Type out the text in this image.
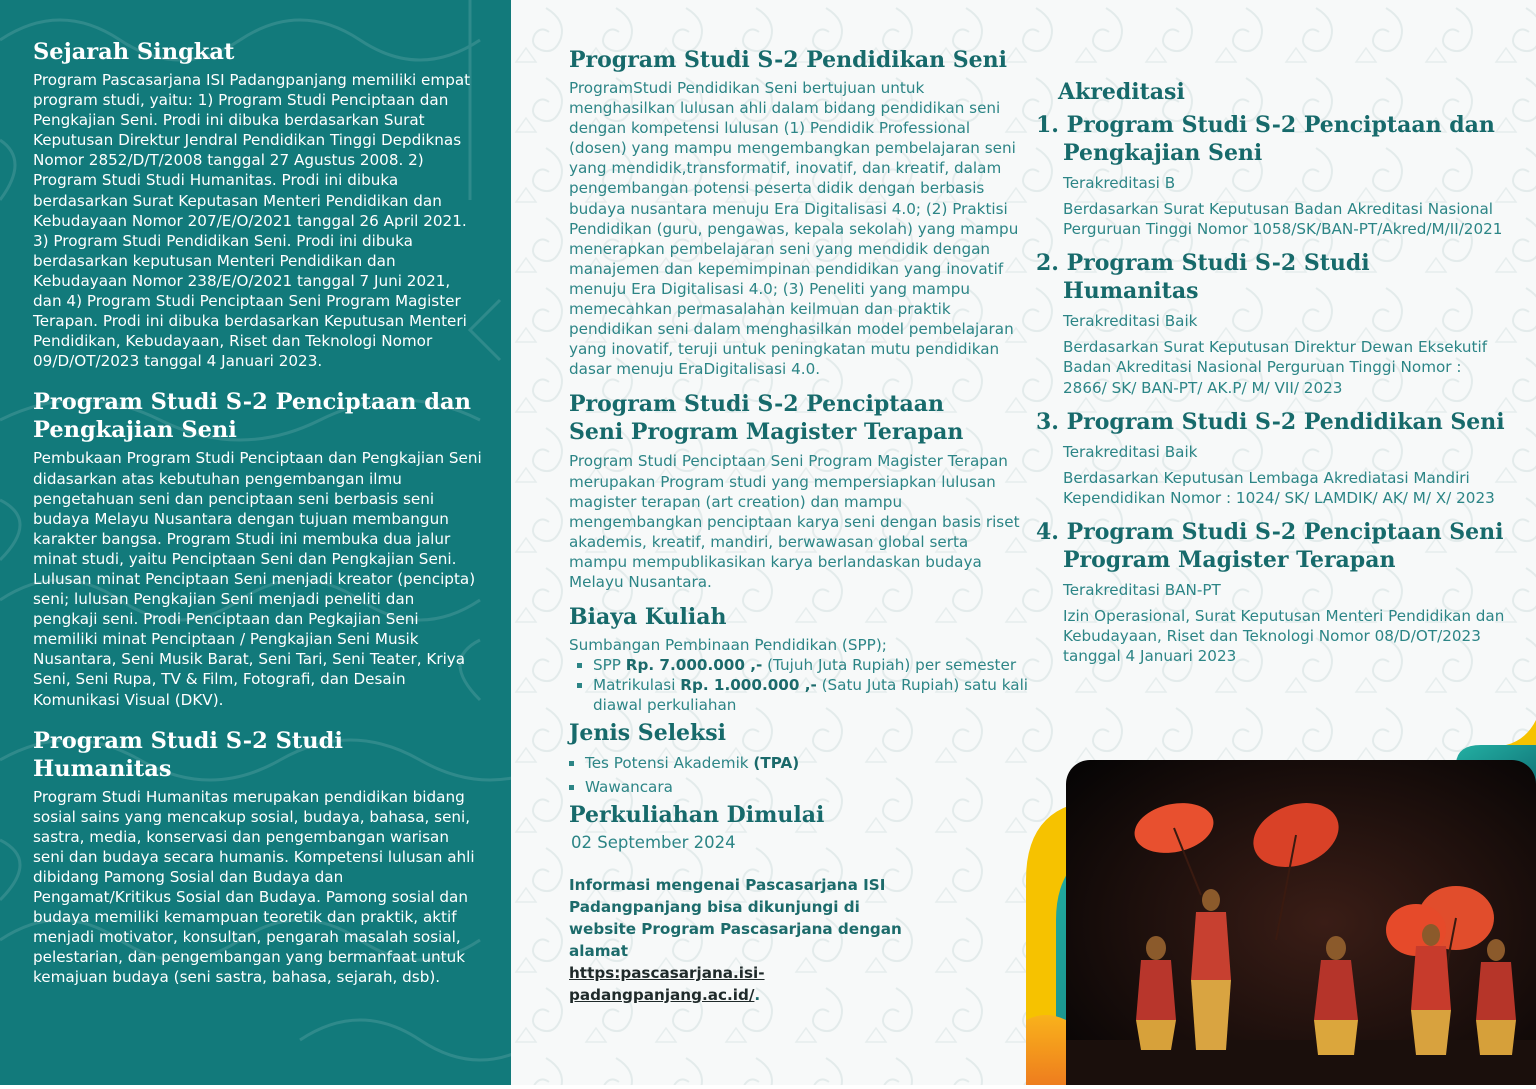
Sejarah Singkat

Program Pascasarjana ISI Padangpanjang memiliki empat program studi, yaitu: 1) Program Studi Penciptaan dan Pengkajian Seni. Prodi ini dibuka berdasarkan Surat Keputusan Direktur Jendral Pendidikan Tinggi Depdiknas Nomor 2852/D/T/2008 tanggal 27 Agustus 2008. 2) Program Studi Studi Humanitas. Prodi ini dibuka berdasarkan Surat Keputasan Menteri Pendidikan dan Kebudayaan Nomor 207/E/O/2021 tanggal 26 April 2021. 3) Program Studi Pendidikan Seni. Prodi ini dibuka berdasarkan keputusan Menteri Pendidikan dan Kebudayaan Nomor 238/E/O/2021 tanggal 7 Juni 2021, dan 4) Program Studi Penciptaan Seni Program Magister Terapan. Prodi ini dibuka berdasarkan Keputusan Menteri Pendidikan, Kebudayaan, Riset dan Teknologi Nomor 09/D/OT/2023 tanggal 4 Januari 2023.

Program Studi S-2 Penciptaan dan Pengkajian Seni

Pembukaan Program Studi Penciptaan dan Pengkajian Seni didasarkan atas kebutuhan pengembangan ilmu pengetahuan seni dan penciptaan seni berbasis seni budaya Melayu Nusantara dengan tujuan membangun karakter bangsa. Program Studi ini membuka dua jalur minat studi, yaitu Penciptaan Seni dan Pengkajian Seni. Lulusan minat Penciptaan Seni menjadi kreator (pencipta) seni; lulusan Pengkajian Seni menjadi peneliti dan pengkaji seni. Prodi Penciptaan dan Pegkajian Seni memiliki minat Penciptaan / Pengkajian Seni Musik Nusantara, Seni Musik Barat, Seni Tari, Seni Teater, Kriya Seni, Seni Rupa, TV & Film, Fotografi, dan Desain Komunikasi Visual (DKV).

Program Studi S-2 Studi Humanitas

Program Studi Humanitas merupakan pendidikan bidang sosial sains yang mencakup sosial, budaya, bahasa, seni, sastra, media, konservasi dan pengembangan warisan seni dan budaya secara humanis. Kompetensi lulusan ahli dibidang Pamong Sosial dan Budaya dan Pengamat/Kritikus Sosial dan Budaya. Pamong sosial dan budaya memiliki kemampuan teoretik dan praktik, aktif menjadi motivator, konsultan, pengarah masalah sosial, pelestarian, dan pengembangan yang bermanfaat untuk kemajuan budaya (seni sastra, bahasa, sejarah, dsb).

Program Studi S-2 Pendidikan Seni

ProgramStudi Pendidikan Seni bertujuan untuk menghasilkan lulusan ahli dalam bidang pendidikan seni dengan kompetensi lulusan (1) Pendidik Professional (dosen) yang mampu mengembangkan pembelajaran seni yang mendidik,transformatif, inovatif, dan kreatif, dalam pengembangan potensi peserta didik dengan berbasis budaya nusantara menuju Era Digitalisasi 4.0; (2) Praktisi Pendidikan (guru, pengawas, kepala sekolah) yang mampu menerapkan pembelajaran seni yang mendidik dengan manajemen dan kepemimpinan pendidikan yang inovatif menuju Era Digitalisasi 4.0; (3) Peneliti yang mampu memecahkan permasalahan keilmuan dan praktik pendidikan seni dalam menghasilkan model pembelajaran yang inovatif, teruji untuk peningkatan mutu pendidikan dasar menuju EraDigitalisasi 4.0.

Program Studi S-2 Penciptaan Seni Program Magister Terapan

Program Studi Penciptaan Seni Program Magister Terapan merupakan Program studi yang mempersiapkan lulusan magister terapan (art creation) dan mampu mengembangkan penciptaan karya seni dengan basis riset akademis, kreatif, mandiri, berwawasan global serta mampu mempublikasikan karya berlandaskan budaya Melayu Nusantara.

Biaya Kuliah

Sumbangan Pembinaan Pendidikan (SPP);

▪ SPP Rp. 7.000.000 ,- (Tujuh Juta Rupiah) per semester
▪ Matrikulasi Rp. 1.000.000 ,- (Satu Juta Rupiah) satu kali diawal perkuliahan
Jenis Seleksi
▪ Tes Potensi Akademik (TPA)
▪ Wawancara
Perkuliahan Dimulai

02 September 2024

Informasi mengenai Pascasarjana ISI Padangpanjang bisa dikunjungi di website Program Pascasarjana dengan alamat
https:pascasarjana.isi-padangpanjang.ac.id/.
Akreditasi
1. Program Studi S-2 Penciptaan dan Pengkajian Seni

Terakreditasi B

Berdasarkan Surat Keputusan Badan Akreditasi Nasional Perguruan Tinggi Nomor 1058/SK/BAN-PT/Akred/M/II/2021

2. Program Studi S-2 Studi Humanitas

Terakreditasi Baik

Berdasarkan Surat Keputusan Direktur Dewan Eksekutif Badan Akreditasi Nasional Perguruan Tinggi Nomor : 2866/ SK/ BAN-PT/ AK.P/ M/ VII/ 2023

3. Program Studi S-2 Pendidikan Seni

Terakreditasi Baik

Berdasarkan Keputusan Lembaga Akrediatasi Mandiri Kependidikan Nomor : 1024/ SK/ LAMDIK/ AK/ M/ X/ 2023

4. Program Studi S-2 Penciptaan Seni Program Magister Terapan

Terakreditasi BAN-PT

Izin Operasional, Surat Keputusan Menteri Pendidikan dan Kebudayaan, Riset dan Teknologi Nomor 08/D/OT/2023 tanggal 4 Januari 2023
